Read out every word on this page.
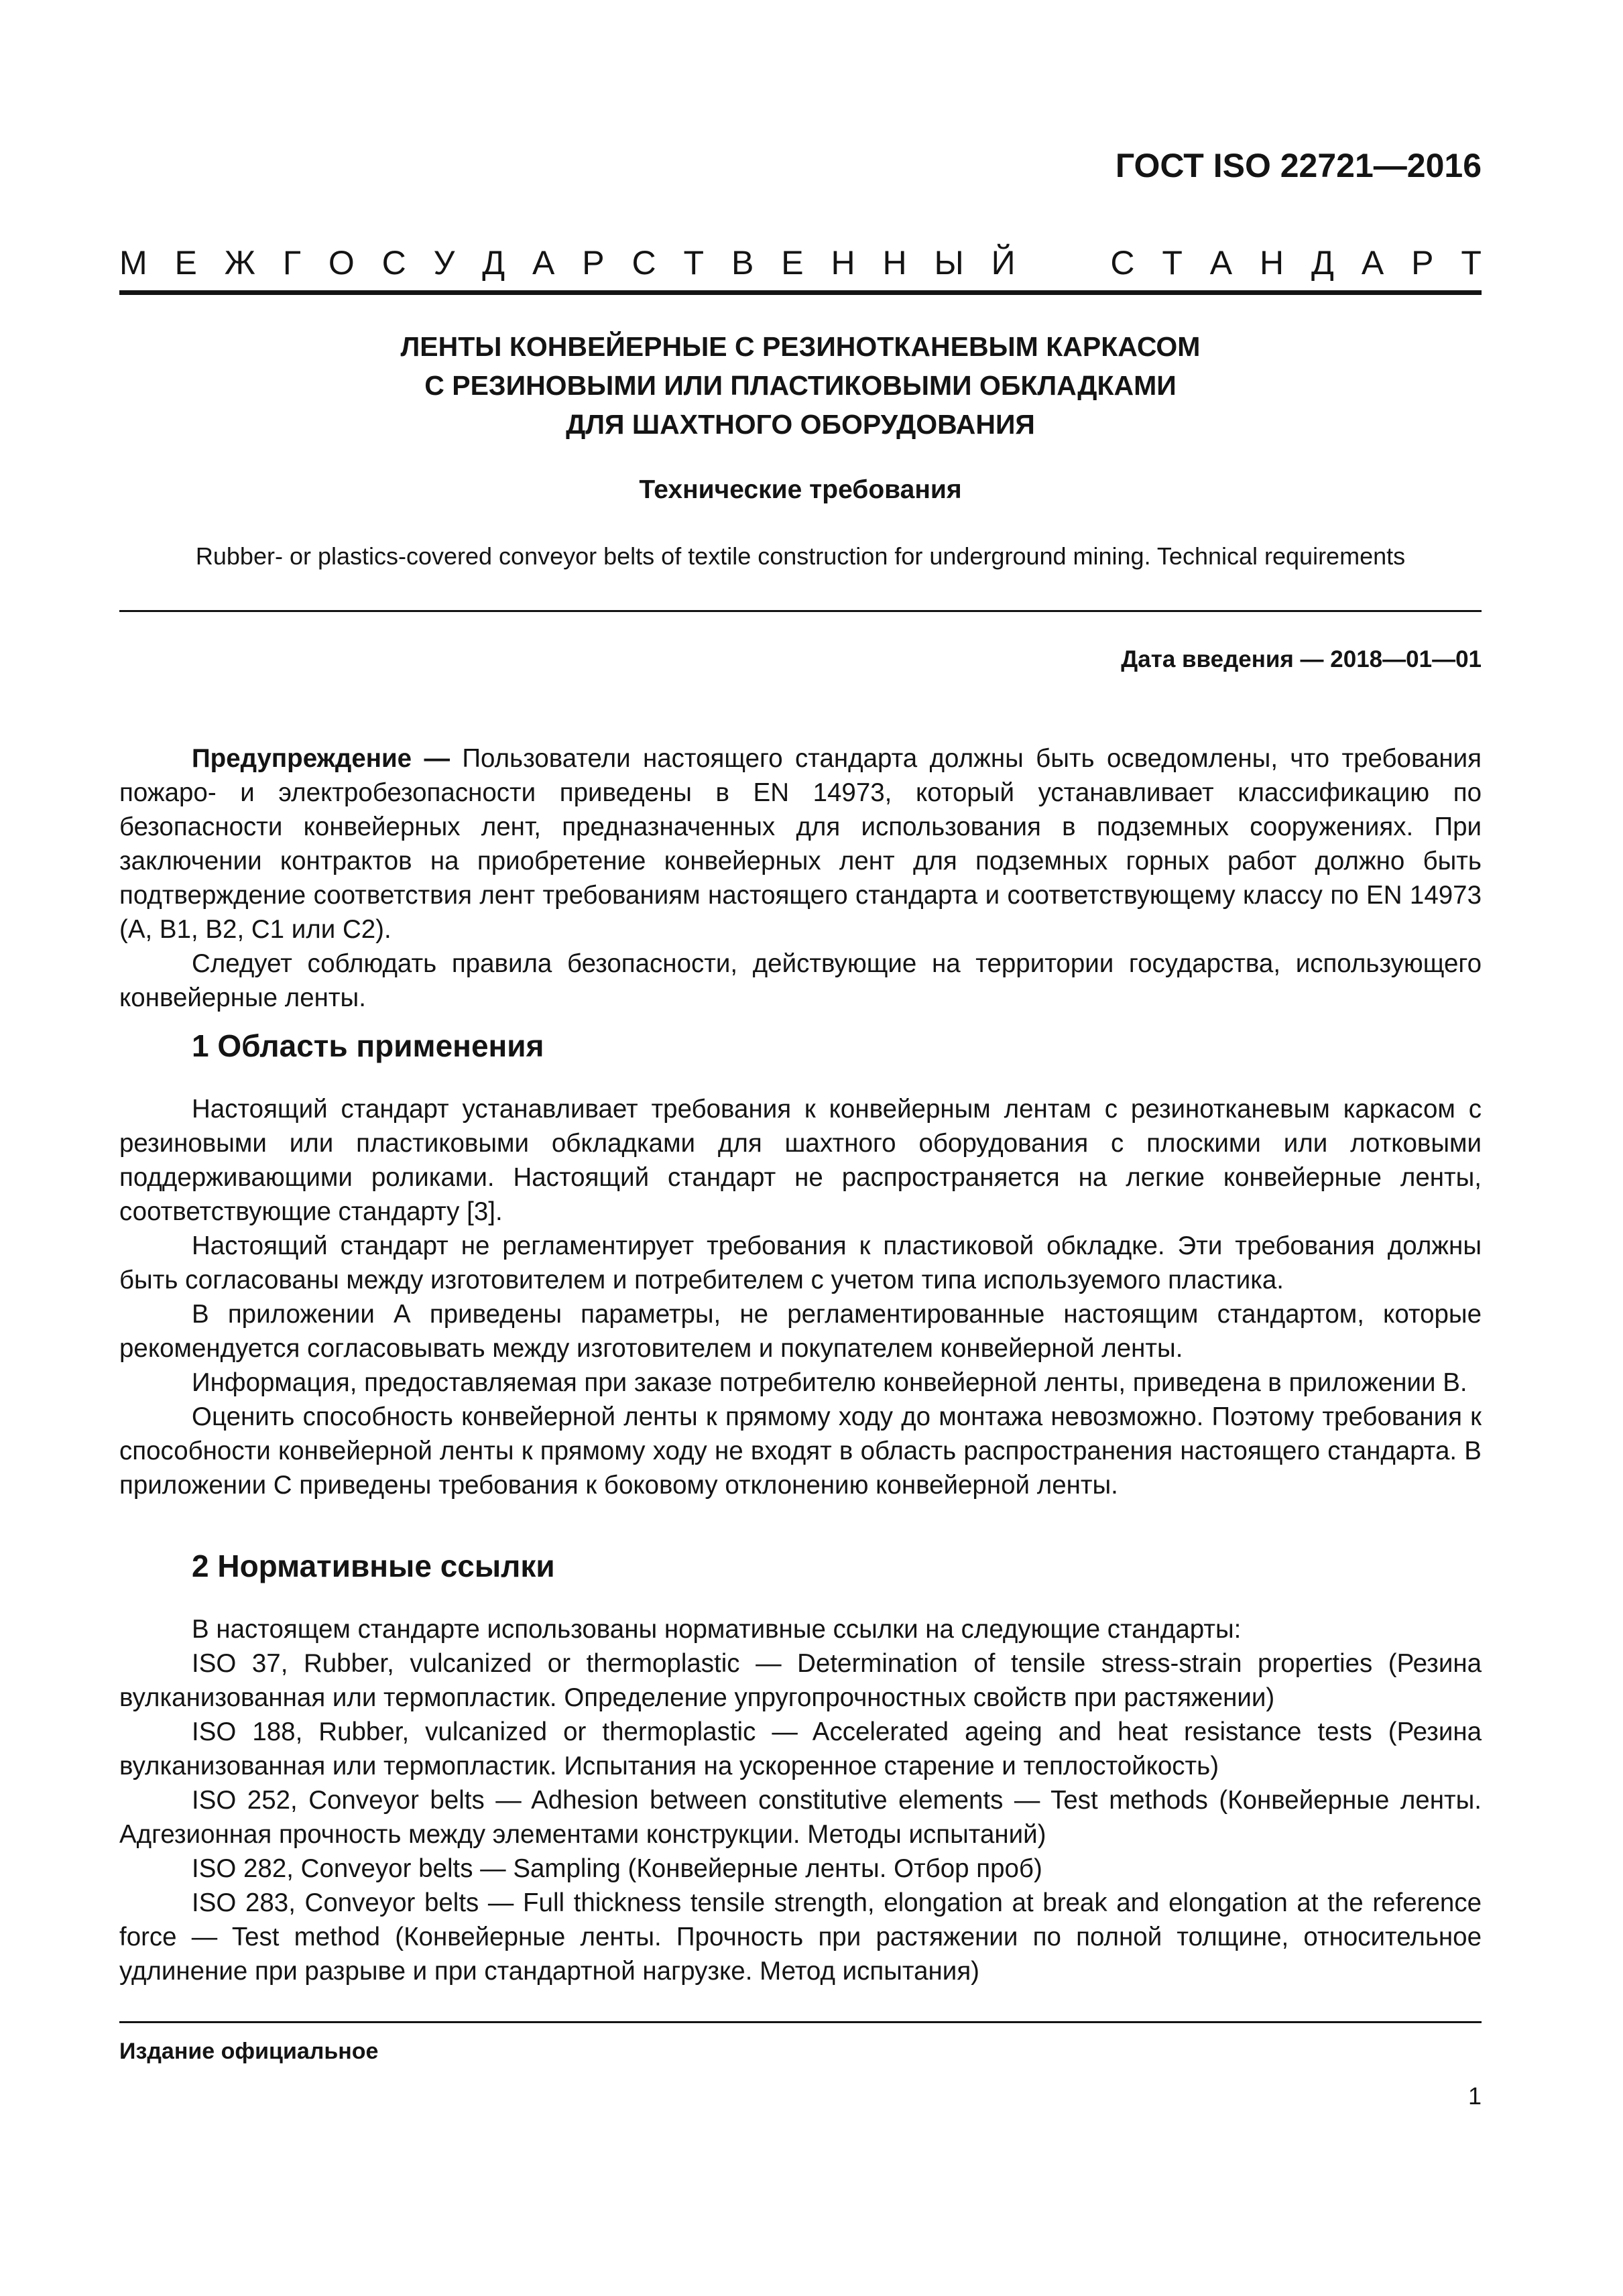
ГОСТ ISO 22721—2016
М Е Ж Г О С У Д А Р С Т В Е Н Н Ы Й	С Т А Н Д А Р Т
ЛЕНТЫ КОНВЕЙЕРНЫЕ С РЕЗИНОТКАНЕВЫМ КАРКАСОМ
С РЕЗИНОВЫМИ ИЛИ ПЛАСТИКОВЫМИ ОБКЛАДКАМИ
ДЛЯ ШАХТНОГО ОБОРУДОВАНИЯ
Технические требования
Rubber- or plastics-covered conveyor belts of textile construction for underground mining. Technical requirements
Дата введения — 2018—01—01

Предупреждение — Пользователи настоящего стандарта должны быть осведомлены, что требования пожаро- и электробезопасности приведены в EN 14973, который устанавливает классификацию по безопасности конвейерных лент, предназначенных для использования в подземных сооружениях. При заключении контрактов на приобретение конвейерных лент для подземных горных работ должно быть подтверждение соответствия лент требованиям настоящего стандарта и соответствующему классу по EN 14973 (A, B1, B2, C1 или C2).

Следует соблюдать правила безопасности, действующие на территории государства, использующего конвейерные ленты.

1 Область применения

Настоящий стандарт устанавливает требования к конвейерным лентам с резинотканевым каркасом с резиновыми или пластиковыми обкладками для шахтного оборудования с плоскими или лотковыми поддерживающими роликами. Настоящий стандарт не распространяется на легкие конвейерные ленты, соответствующие стандарту [3].

Настоящий стандарт не регламентирует требования к пластиковой обкладке. Эти требования должны быть согласованы между изготовителем и потребителем с учетом типа используемого пластика.

В приложении А приведены параметры, не регламентированные настоящим стандартом, которые рекомендуется согласовывать между изготовителем и покупателем конвейерной ленты.

Информация, предоставляемая при заказе потребителю конвейерной ленты, приведена в приложении В.

Оценить способность конвейерной ленты к прямому ходу до монтажа невозможно. Поэтому требования к способности конвейерной ленты к прямому ходу не входят в область распространения настоящего стандарта. В приложении С приведены требования к боковому отклонению конвейерной ленты.

2 Нормативные ссылки

В настоящем стандарте использованы нормативные ссылки на следующие стандарты:

ISO 37, Rubber, vulcanized or thermoplastic — Determination of tensile stress-strain properties (Резина вулканизованная или термопластик. Определение упругопрочностных свойств при растяжении)

ISO 188, Rubber, vulcanized or thermoplastic — Accelerated ageing and heat resistance tests (Резина вулканизованная или термопластик. Испытания на ускоренное старение и теплостойкость)

ISO 252, Conveyor belts — Adhesion between constitutive elements — Test methods (Конвейерные ленты. Адгезионная прочность между элементами конструкции. Методы испытаний)

ISO 282, Conveyor belts — Sampling (Конвейерные ленты. Отбор проб)

ISO 283, Conveyor belts — Full thickness tensile strength, elongation at break and elongation at the reference force — Test method (Конвейерные ленты. Прочность при растяжении по полной толщине, относительное удлинение при разрыве и при стандартной нагрузке. Метод испытания)

Издание официальное
1
